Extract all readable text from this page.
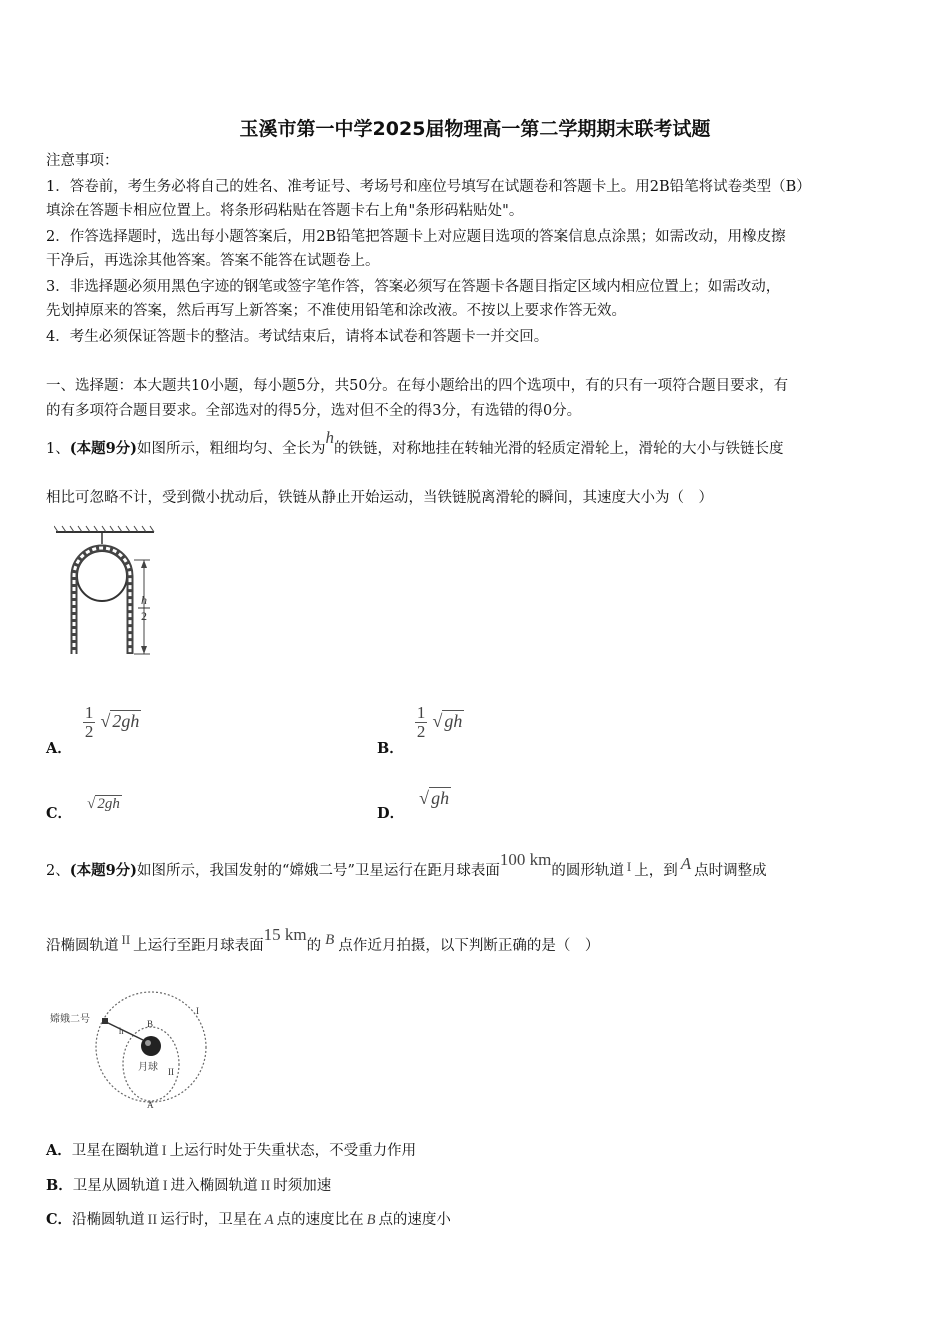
玉溪市第一中学2025届物理高一第二学期期末联考试题
注意事项：
1．答卷前，考生务必将自己的姓名、准考证号、考场号和座位号填写在试题卷和答题卡上。用2B铅笔将试卷类型（B）
填涂在答题卡相应位置上。将条形码粘贴在答题卡右上角"条形码粘贴处"。
2．作答选择题时，选出每小题答案后，用2B铅笔把答题卡上对应题目选项的答案信息点涂黑；如需改动，用橡皮擦
干净后，再选涂其他答案。答案不能答在试题卷上。
3．非选择题必须用黑色字迹的钢笔或签字笔作答，答案必须写在答题卡各题目指定区域内相应位置上；如需改动，
先划掉原来的答案，然后再写上新答案；不准使用铅笔和涂改液。不按以上要求作答无效。
4．考生必须保证答题卡的整洁。考试结束后，请将本试卷和答题卡一并交回。
一、选择题：本大题共10小题，每小题5分，共50分。在每小题给出的四个选项中，有的只有一项符合题目要求，有
的有多项符合题目要求。全部选对的得5分，选对但不全的得3分，有选错的得0分。
1、(本题9分)如图所示，粗细均匀、全长为h的铁链，对称地挂在转轴光滑的轻质定滑轮上，滑轮的大小与铁链长度
相比可忽略不计，受到微小扰动后，铁链从静止开始运动，当铁链脱离滑轮的瞬间，其速度大小为（　）
h
2
A．
$\frac{1}{2}$ √ 2gh
B．
$\frac{1}{2}$ √ gh
C． √ 2gh
D． √ gh
2、(本题9分)如图所示，我国发射的“嫦娥二号”卫星运行在距月球表面100 km的圆形轨道 I 上，到 A 点时调整成
沿椭圆轨道 II 上运行至距月球表面15 km的 B 点作近月拍摄，以下判断正确的是（　）
嫦娥二号
h
B
A
I
II
月球
A．卫星在圈轨道 I 上运行时处于失重状态，不受重力作用
B．卫星从圆轨道 I 进入椭圆轨道 II 时须加速
C．沿椭圆轨道 II 运行时，卫星在 A 点的速度比在 B 点的速度小
